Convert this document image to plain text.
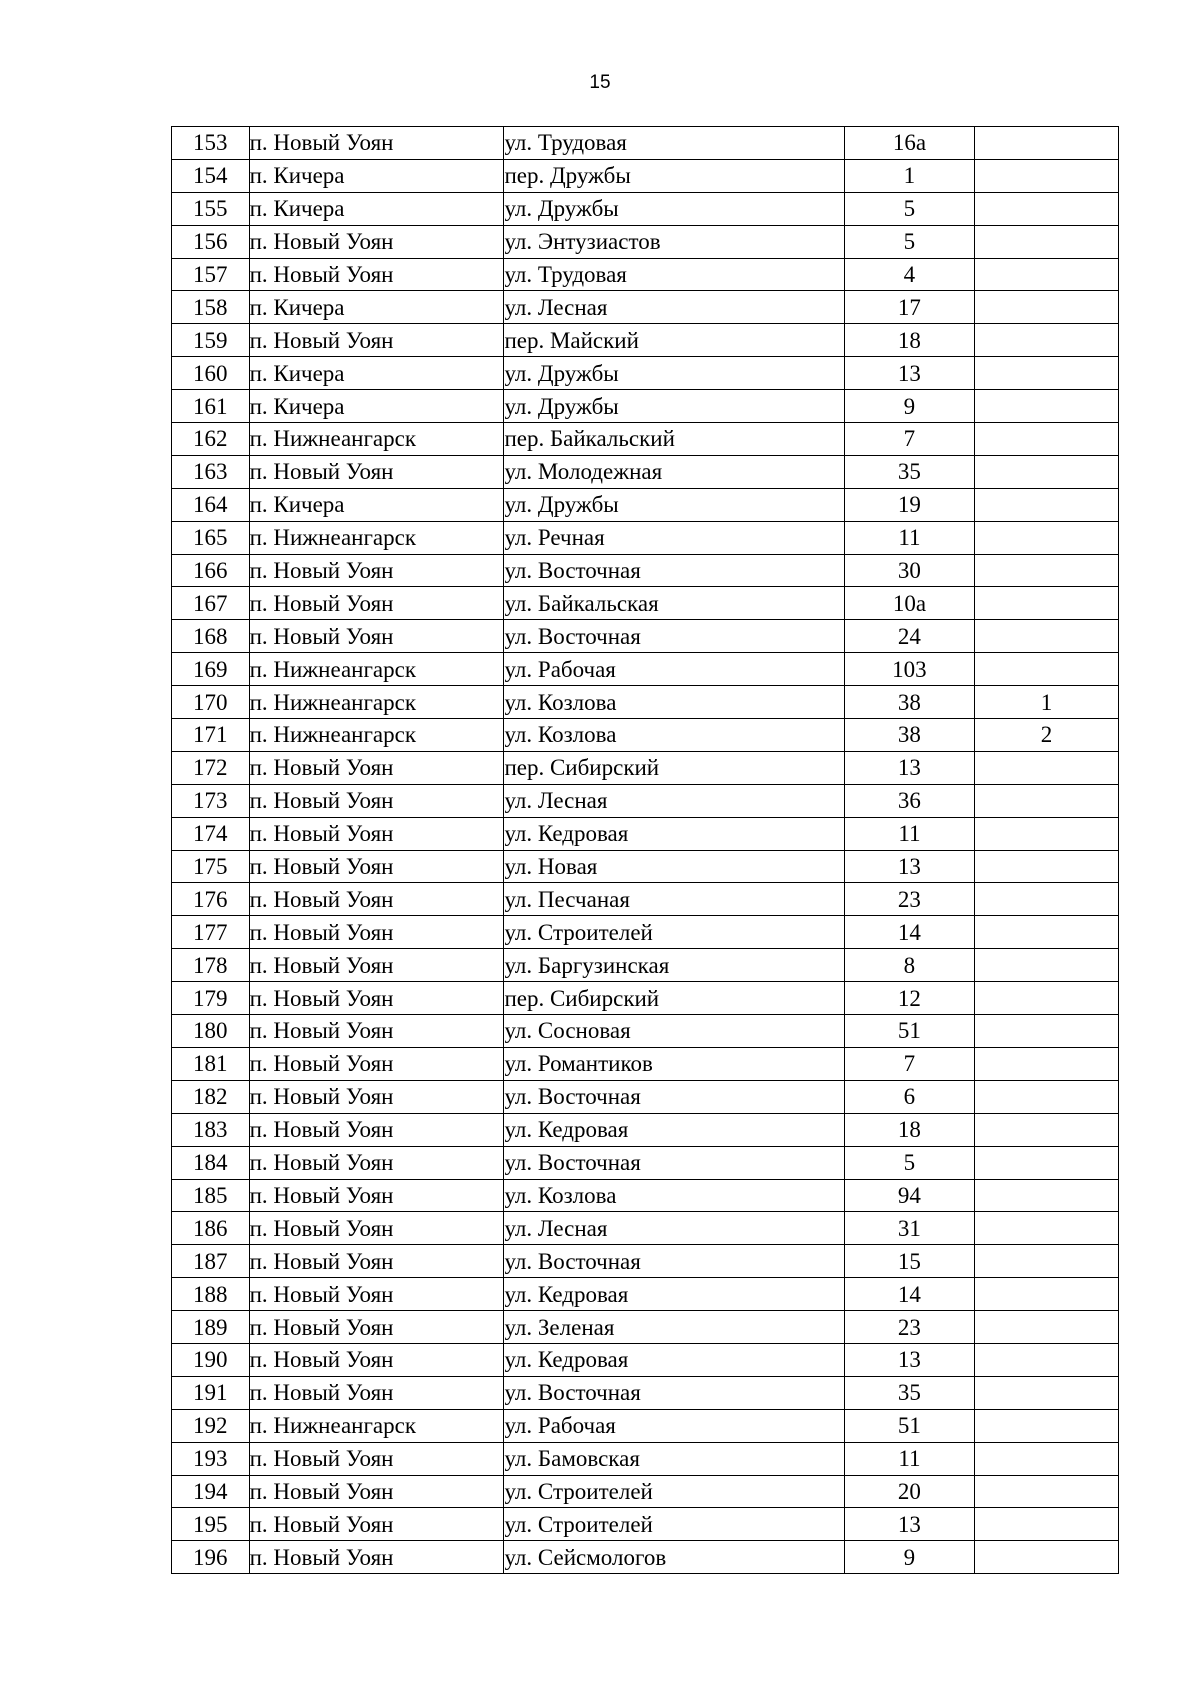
15
153	п. Новый Уоян	ул. Трудовая	16а	
154	п. Кичера	пер. Дружбы	1	
155	п. Кичера	ул. Дружбы	5	
156	п. Новый Уоян	ул. Энтузиастов	5	
157	п. Новый Уоян	ул. Трудовая	4	
158	п. Кичера	ул. Лесная	17	
159	п. Новый Уоян	пер. Майский	18	
160	п. Кичера	ул. Дружбы	13	
161	п. Кичера	ул. Дружбы	9	
162	п. Нижнеангарск	пер. Байкальский	7	
163	п. Новый Уоян	ул. Молодежная	35	
164	п. Кичера	ул. Дружбы	19	
165	п. Нижнеангарск	ул. Речная	11	
166	п. Новый Уоян	ул. Восточная	30	
167	п. Новый Уоян	ул. Байкальская	10а	
168	п. Новый Уоян	ул. Восточная	24	
169	п. Нижнеангарск	ул. Рабочая	103	
170	п. Нижнеангарск	ул. Козлова	38	1
171	п. Нижнеангарск	ул. Козлова	38	2
172	п. Новый Уоян	пер. Сибирский	13	
173	п. Новый Уоян	ул. Лесная	36	
174	п. Новый Уоян	ул. Кедровая	11	
175	п. Новый Уоян	ул. Новая	13	
176	п. Новый Уоян	ул. Песчаная	23	
177	п. Новый Уоян	ул. Строителей	14	
178	п. Новый Уоян	ул. Баргузинская	8	
179	п. Новый Уоян	пер. Сибирский	12	
180	п. Новый Уоян	ул. Сосновая	51	
181	п. Новый Уоян	ул. Романтиков	7	
182	п. Новый Уоян	ул. Восточная	6	
183	п. Новый Уоян	ул. Кедровая	18	
184	п. Новый Уоян	ул. Восточная	5	
185	п. Новый Уоян	ул. Козлова	94	
186	п. Новый Уоян	ул. Лесная	31	
187	п. Новый Уоян	ул. Восточная	15	
188	п. Новый Уоян	ул. Кедровая	14	
189	п. Новый Уоян	ул. Зеленая	23	
190	п. Новый Уоян	ул. Кедровая	13	
191	п. Новый Уоян	ул. Восточная	35	
192	п. Нижнеангарск	ул. Рабочая	51	
193	п. Новый Уоян	ул. Бамовская	11	
194	п. Новый Уоян	ул. Строителей	20	
195	п. Новый Уоян	ул. Строителей	13	
196	п. Новый Уоян	ул. Сейсмологов	9	
